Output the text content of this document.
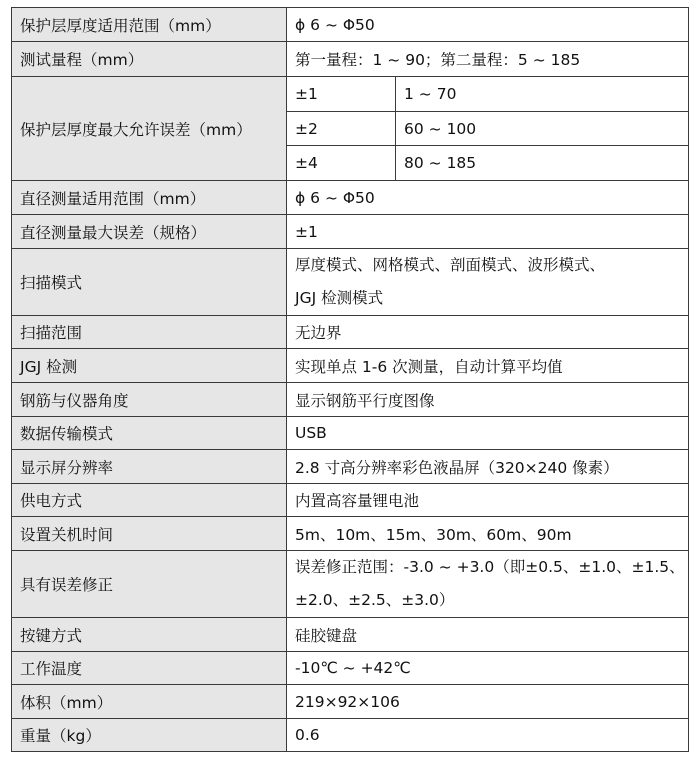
保护层厚度适用范围（mm）	ϕ 6 ~ Φ50	
测试量程（mm）	第一量程：1 ~ 90；第二量程：5 ~ 185	
保护层厚度最大允许误差（mm）	±1	1 ~ 70
	±2	60 ~ 100
	±4	80 ~ 185
直径测量适用范围（mm）	ϕ 6 ~ Φ50	
直径测量最大误差（规格）	±1	
扫描模式	厚度模式、网格模式、剖面模式、波形模式、
JGJ 检测模式	

扫描范围	无边界	
JGJ 检测	实现单点 1-6 次测量，自动计算平均值	
钢筋与仪器角度	显示钢筋平行度图像	
数据传输模式	USB	
显示屏分辨率	2.8 寸高分辨率彩色液晶屏（320×240 像素）	
供电方式	内置高容量锂电池	
设置关机时间	5m、10m、15m、30m、60m、90m	
具有误差修正	误差修正范围：-3.0 ~ +3.0（即±0.5、±1.0、±1.5、
±2.0、±2.5、±3.0）	

按键方式	硅胶键盘	
工作温度	-10℃ ~ +42℃	
体积（mm）	219×92×106	
重量（kg）	0.6	
